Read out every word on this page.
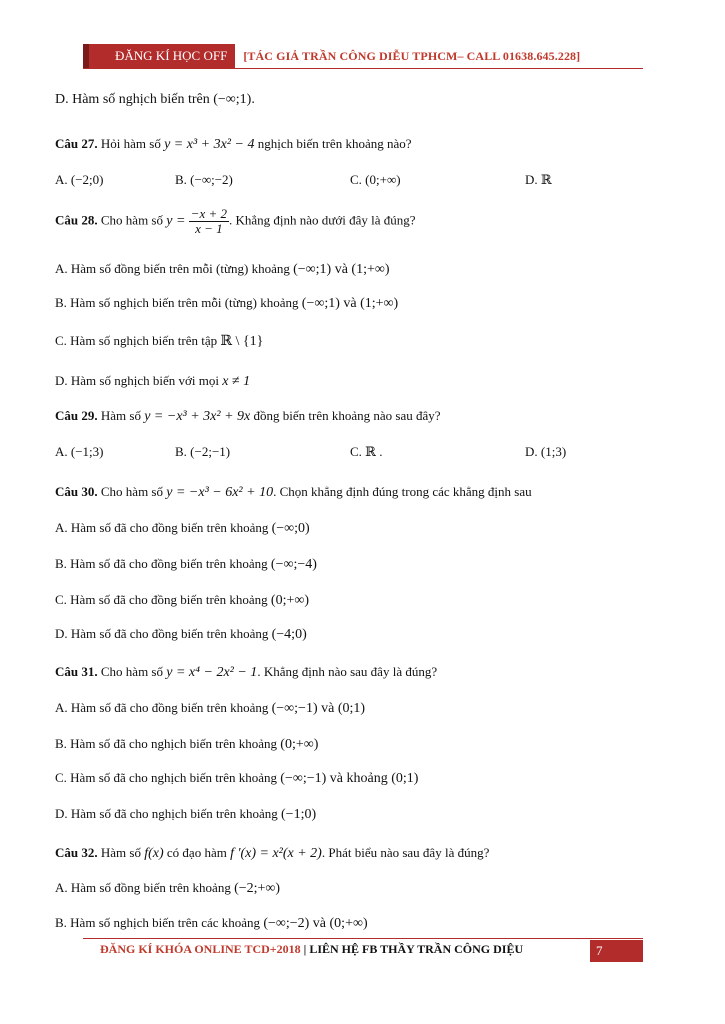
ĐĂNG KÍ HỌC OFF	[TÁC GIẢ TRẦN CÔNG DIỄU TPHCM– CALL 01638.645.228]
D. Hàm số nghịch biến trên (−∞;1).
Câu 27. Hỏi hàm số y = x³ + 3x² − 4 nghịch biến trên khoảng nào?
A. (−2;0)	B. (−∞;−2)	C. (0;+∞)	D. ℝ
Câu 28. Cho hàm số $y = \frac{-x + 2}{x - 1}$ . Khẳng định nào dưới đây là đúng?
A. Hàm số đồng biến trên mỗi (từng) khoảng (−∞;1) và (1;+∞)
B. Hàm số nghịch biến trên mỗi (từng) khoảng (−∞;1) và (1;+∞)
C. Hàm số nghịch biến trên tập ℝ \ {1}
D. Hàm số nghịch biến với mọi x ≠ 1
Câu 29. Hàm số y = −x³ + 3x² + 9x đồng biến trên khoảng nào sau đây?
A. (−1;3)	B. (−2;−1)	C. ℝ .	D. (1;3)
Câu 30. Cho hàm số y = −x³ − 6x² + 10. Chọn khẳng định đúng trong các khẳng định sau
A. Hàm số đã cho đồng biến trên khoảng (−∞;0)
B. Hàm số đã cho đồng biến trên khoảng (−∞;−4)
C. Hàm số đã cho đồng biến trên khoảng (0;+∞)
D. Hàm số đã cho đồng biến trên khoảng (−4;0)
Câu 31. Cho hàm số y = x⁴ − 2x² − 1. Khẳng định nào sau đây là đúng?
A. Hàm số đã cho đồng biến trên khoảng (−∞;−1) và (0;1)
B. Hàm số đã cho nghịch biến trên khoảng (0;+∞)
C. Hàm số đã cho nghịch biến trên khoảng (−∞;−1) và khoảng (0;1)
D. Hàm số đã cho nghịch biến trên khoảng (−1;0)
Câu 32. Hàm số f(x) có đạo hàm f '(x) = x²(x + 2). Phát biểu nào sau đây là đúng?
A. Hàm số đồng biến trên khoảng (−2;+∞)
B. Hàm số nghịch biến trên các khoảng (−∞;−2) và (0;+∞)
ĐĂNG KÍ KHÓA ONLINE TCD+2018 | LIÊN HỆ FB THẦY TRẦN CÔNG DIỆU	7
